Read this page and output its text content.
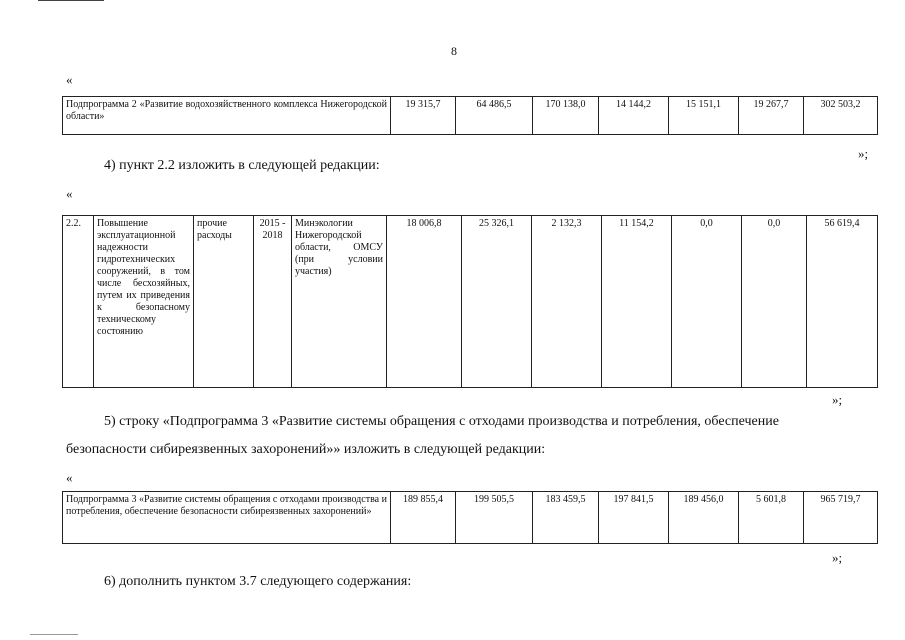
8
«
Подпрограмма 2 «Развитие водохозяйственного комплекса Нижегородской области»	19 315,7	64 486,5	170 138,0	14 144,2	15 151,1	19 267,7	302 503,2
»;
4) пункт 2.2 изложить в следующей редакции:
«
2.2.	Повышение эксплуатационной надежности гидротехнических сооружений, в том числе бесхозяйных, путем их приведения к безопасному техническому состоянию	прочие расходы	2015 - 2018	Минэкологии Нижегородской области, ОМСУ (при условии участия)	18 006,8	25 326,1	2 132,3	11 154,2	0,0	0,0	56 619,4
»;
5) строку «Подпрограмма 3 «Развитие системы обращения с отходами производства и потребления, обеспечение
безопасности сибиреязвенных захоронений»» изложить в следующей редакции:
«
Подпрограмма 3 «Развитие системы обращения с отходами производства и потребления, обеспечение безопасности сибиреязвенных захоронений»	189 855,4	199 505,5	183 459,5	197 841,5	189 456,0	5 601,8	965 719,7
»;
6) дополнить пунктом 3.7 следующего содержания:
